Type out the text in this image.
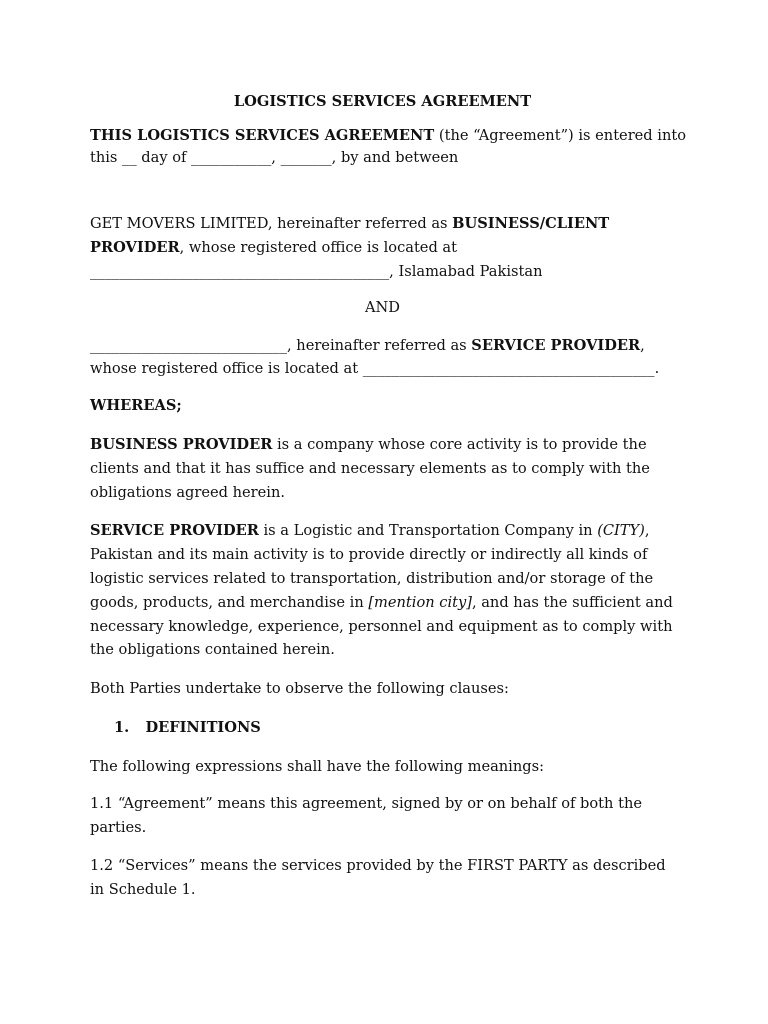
LOGISTICS SERVICES AGREEMENT
THIS LOGISTICS SERVICES AGREEMENT (the “Agreement”) is entered into
this __ day of ___________, _______, by and between
GET MOVERS LIMITED, hereinafter referred as BUSINESS/CLIENT
PROVIDER, whose registered office is located at
_________________________________________, Islamabad Pakistan
AND
___________________________, hereinafter referred as SERVICE PROVIDER,
whose registered office is located at ________________________________________.
WHEREAS;
BUSINESS PROVIDER is a company whose core activity is to provide the
clients and that it has suffice and necessary elements as to comply with the
obligations agreed herein.
SERVICE PROVIDER is a Logistic and Transportation Company in (CITY),
Pakistan and its main activity is to provide directly or indirectly all kinds of
logistic services related to transportation, distribution and/or storage of the
goods, products, and merchandise in [mention city], and has the sufficient and
necessary knowledge, experience, personnel and equipment as to comply with
the obligations contained herein.
Both Parties undertake to observe the following clauses:
1. DEFINITIONS
The following expressions shall have the following meanings:
1.1 “Agreement” means this agreement, signed by or on behalf of both the
parties.
1.2 “Services” means the services provided by the FIRST PARTY as described
in Schedule 1.
